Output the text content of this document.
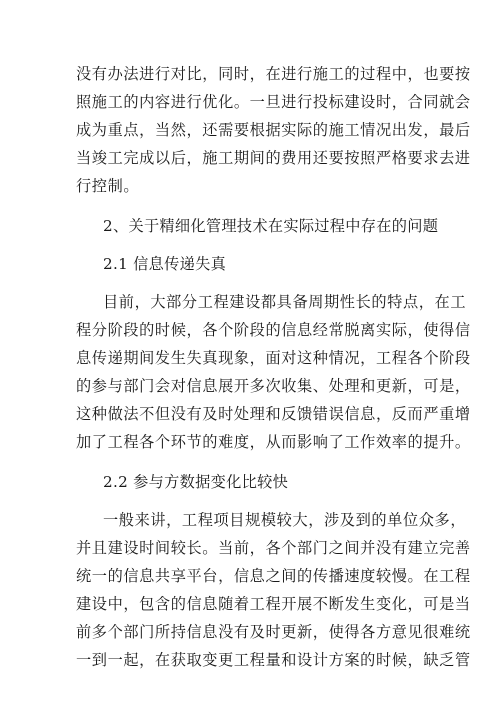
没有办法进行对比，同时，在进行施工的过程中，也要按
照施工的内容进行优化。一旦进行投标建设时，合同就会
成为重点，当然，还需要根据实际的施工情况出发，最后
当竣工完成以后，施工期间的费用还要按照严格要求去进
行控制。
2、关于精细化管理技术在实际过程中存在的问题
2.1 信息传递失真
目前，大部分工程建设都具备周期性长的特点，在工
程分阶段的时候，各个阶段的信息经常脱离实际，使得信
息传递期间发生失真现象，面对这种情况，工程各个阶段
的参与部门会对信息展开多次收集、处理和更新，可是，
这种做法不但没有及时处理和反馈错误信息，反而严重增
加了工程各个环节的难度，从而影响了工作效率的提升。
2.2 参与方数据变化比较快
一般来讲，工程项目规模较大，涉及到的单位众多，
并且建设时间较长。当前，各个部门之间并没有建立完善
统一的信息共享平台，信息之间的传播速度较慢。在工程
建设中，包含的信息随着工程开展不断发生变化，可是当
前多个部门所持信息没有及时更新，使得各方意见很难统
一到一起，在获取变更工程量和设计方案的时候，缺乏管
